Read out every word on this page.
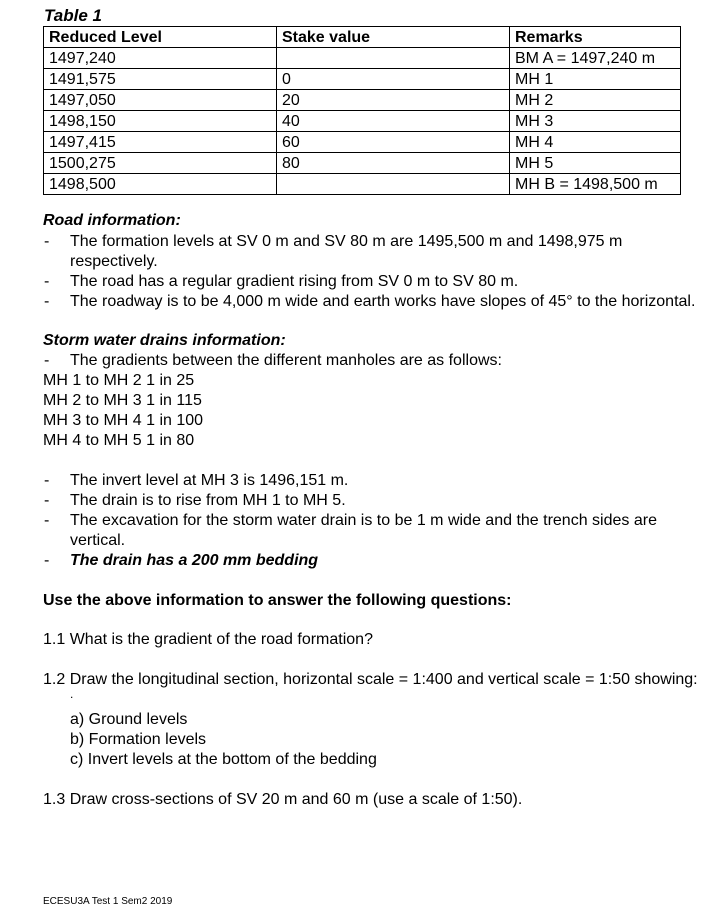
Table 1
Reduced Level	Stake value	Remarks
1497,240		BM A = 1497,240 m
1491,575	0	MH 1
1497,050	20	MH 2
1498,150	40	MH 3
1497,415	60	MH 4
1500,275	80	MH 5
1498,500		MH B = 1498,500 m
Road information:
- The formation levels at SV 0 m and SV 80 m are 1495,500 m and 1498,975 m
respectively.
- The road has a regular gradient rising from SV 0 m to SV 80 m.
- The roadway is to be 4,000 m wide and earth works have slopes of 45° to the horizontal.
Storm water drains information:
- The gradients between the different manholes are as follows:
MH 1 to MH 2 1 in 25
MH 2 to MH 3 1 in 115
MH 3 to MH 4 1 in 100
MH 4 to MH 5 1 in 80
- The invert level at MH 3 is 1496,151 m.
- The drain is to rise from MH 1 to MH 5.
- The excavation for the storm water drain is to be 1 m wide and the trench sides are
vertical.
- The drain has a 200 mm bedding
Use the above information to answer the following questions:
1.1 What is the gradient of the road formation?
1.2 Draw the longitudinal section, horizontal scale = 1:400 and vertical scale = 1:50 showing:
.
a) Ground levels
b) Formation levels
c) Invert levels at the bottom of the bedding
1.3 Draw cross-sections of SV 20 m and 60 m (use a scale of 1:50).
ECESU3A Test 1 Sem2 2019
